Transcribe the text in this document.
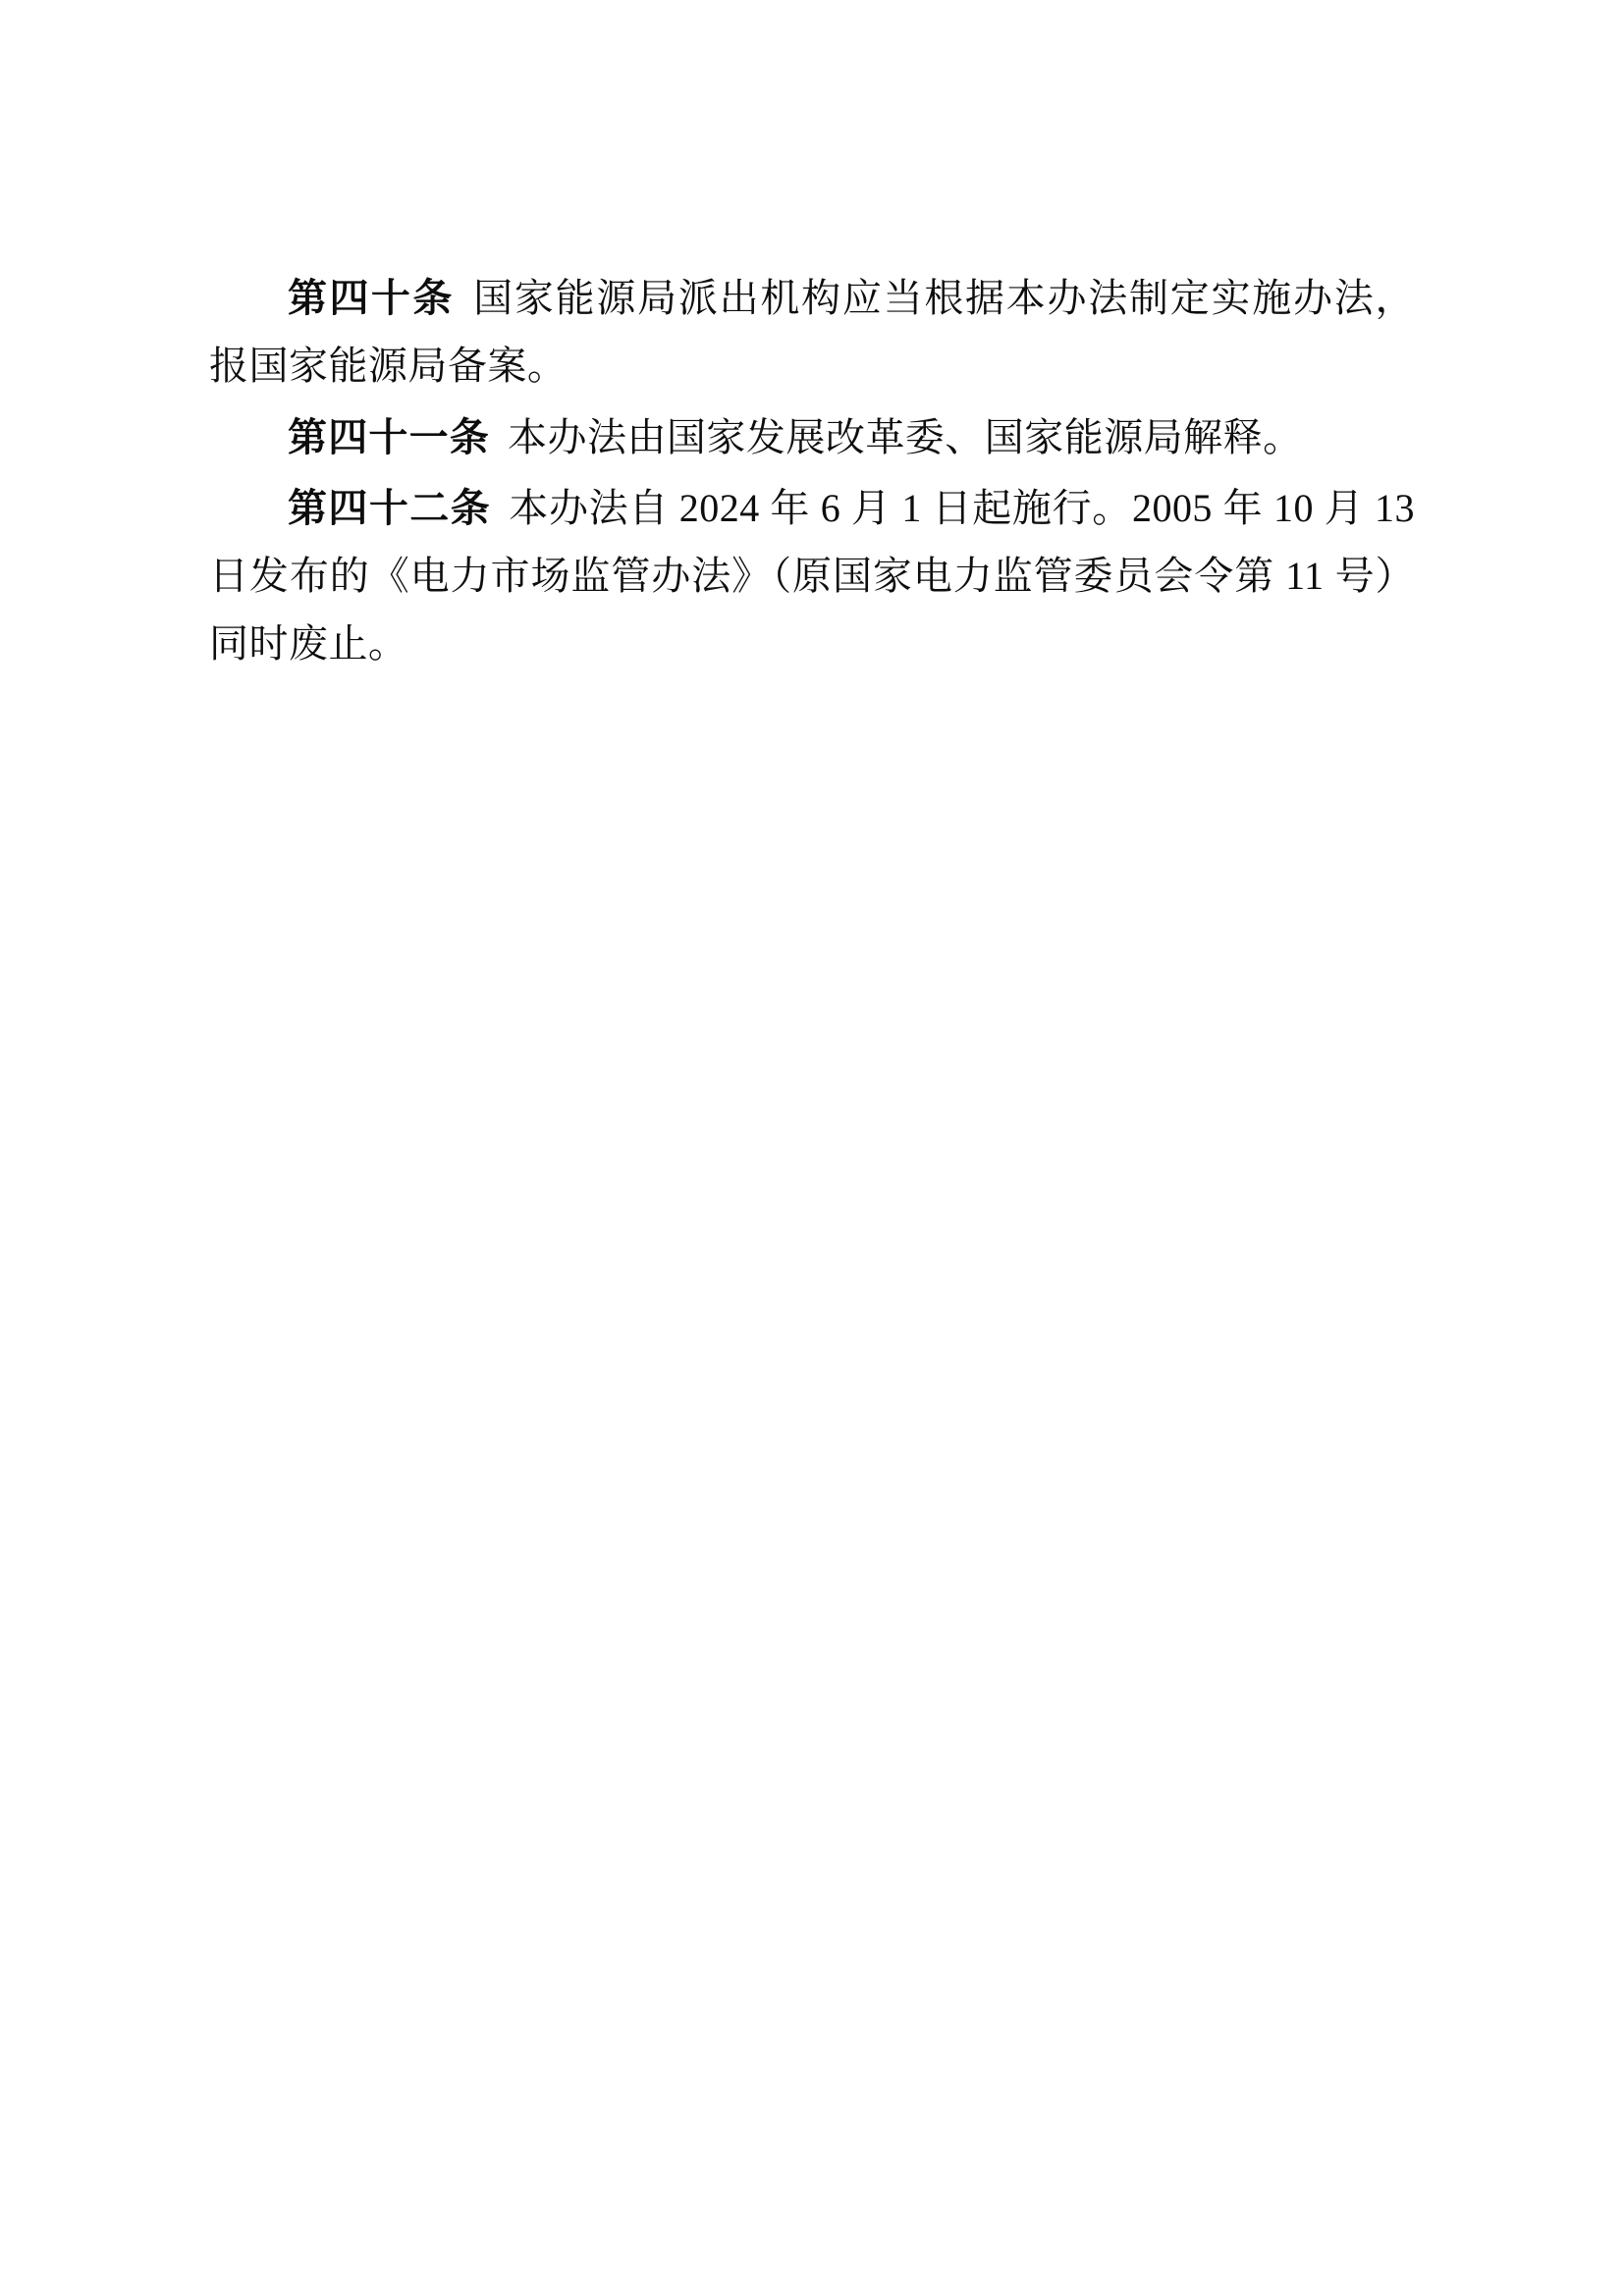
第四十条 国家能源局派出机构应当根据本办法制定实施办法，报国家能源局备案。

第四十一条 本办法由国家发展改革委、国家能源局解释。

第四十二条 本办法自 2024 年 6 月 1 日起施行。2005 年 10 月 13 日发布的《电力市场监管办法》（原国家电力监管委员会令第 11 号）同时废止。
